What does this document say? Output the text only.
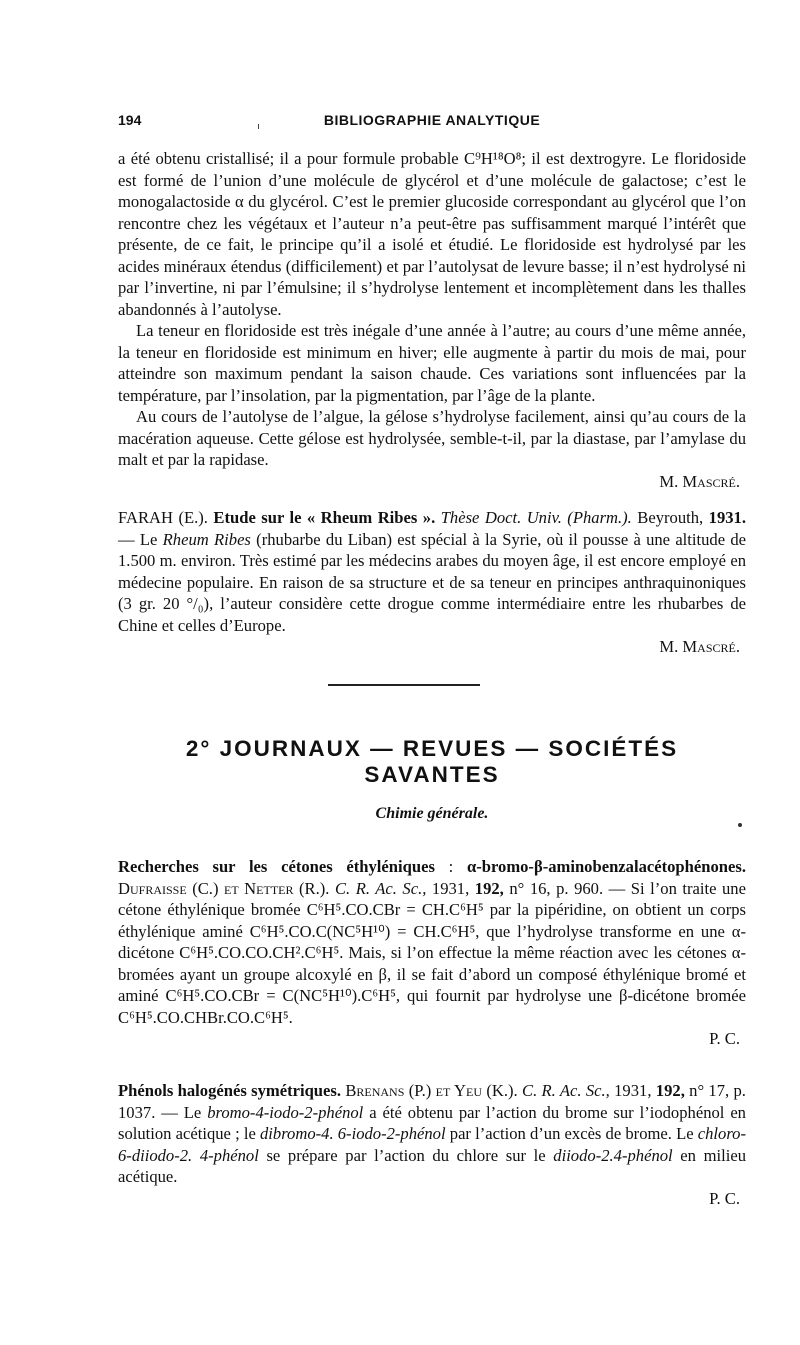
194	BIBLIOGRAPHIE ANALYTIQUE

a été obtenu cristallisé; il a pour formule probable C⁹H¹⁸O⁸; il est dextrogyre. Le floridoside est formé de l’union d’une molécule de glycérol et d’une molécule de galactose; c’est le monogalactoside α du glycérol. C’est le premier glucoside correspondant au glycérol que l’on rencontre chez les végétaux et l’auteur n’a peut-être pas suffisamment marqué l’intérêt que présente, de ce fait, le principe qu’il a isolé et étudié. Le floridoside est hydrolysé par les acides minéraux étendus (difficilement) et par l’autolysat de levure basse; il n’est hydrolysé ni par l’invertine, ni par l’émulsine; il s’hydrolyse lentement et incomplètement dans les thalles abandonnés à l’autolyse.

La teneur en floridoside est très inégale d’une année à l’autre; au cours d’une même année, la teneur en floridoside est minimum en hiver; elle augmente à partir du mois de mai, pour atteindre son maximum pendant la saison chaude. Ces variations sont influencées par la température, par l’insolation, par la pigmentation, par l’âge de la plante.

Au cours de l’autolyse de l’algue, la gélose s’hydrolyse facilement, ainsi qu’au cours de la macération aqueuse. Cette gélose est hydrolysée, semble-t-il, par la diastase, par l’amylase du malt et par la rapidase.

M. Mascré.

FARAH (E.). Etude sur le « Rheum Ribes ». Thèse Doct. Univ. (Pharm.). Beyrouth, 1931. — Le Rheum Ribes (rhubarbe du Liban) est spécial à la Syrie, où il pousse à une altitude de 1.500 m. environ. Très estimé par les médecins arabes du moyen âge, il est encore employé en médecine populaire. En raison de sa structure et de sa teneur en principes anthraquinoniques (3 gr. 20 °/₀), l’auteur considère cette drogue comme intermédiaire entre les rhubarbes de Chine et celles d’Europe.

M. Mascré.
2° JOURNAUX — REVUES — SOCIÉTÉS SAVANTES
Chimie générale.

Recherches sur les cétones éthyléniques : α-bromo-β-aminobenzalacétophénones. Dufraisse (C.) et Netter (R.). C. R. Ac. Sc., 1931, 192, n° 16, p. 960. — Si l’on traite une cétone éthylénique bromée C⁶H⁵.CO.CBr = CH.C⁶H⁵ par la pipéridine, on obtient un corps éthylénique aminé C⁶H⁵.CO.C(NC⁵H¹⁰) = CH.C⁶H⁵, que l’hydrolyse transforme en une α-dicétone C⁶H⁵.CO.CO.CH².C⁶H⁵. Mais, si l’on effectue la même réaction avec les cétones α-bromées ayant un groupe alcoxylé en β, il se fait d’abord un composé éthylénique bromé et aminé C⁶H⁵.CO.CBr = C(NC⁵H¹⁰).C⁶H⁵, qui fournit par hydrolyse une β-dicétone bromée C⁶H⁵.CO.CHBr.CO.C⁶H⁵.

P. C.

Phénols halogénés symétriques. Brenans (P.) et Yeu (K.). C. R. Ac. Sc., 1931, 192, n° 17, p. 1037. — Le bromo-4-iodo-2-phénol a été obtenu par l’action du brome sur l’iodophénol en solution acétique ; le dibromo-4. 6-iodo-2-phénol par l’action d’un excès de brome. Le chloro-6-diiodo-2. 4-phénol se prépare par l’action du chlore sur le diiodo-2.4-phénol en milieu acétique.

P. C.
